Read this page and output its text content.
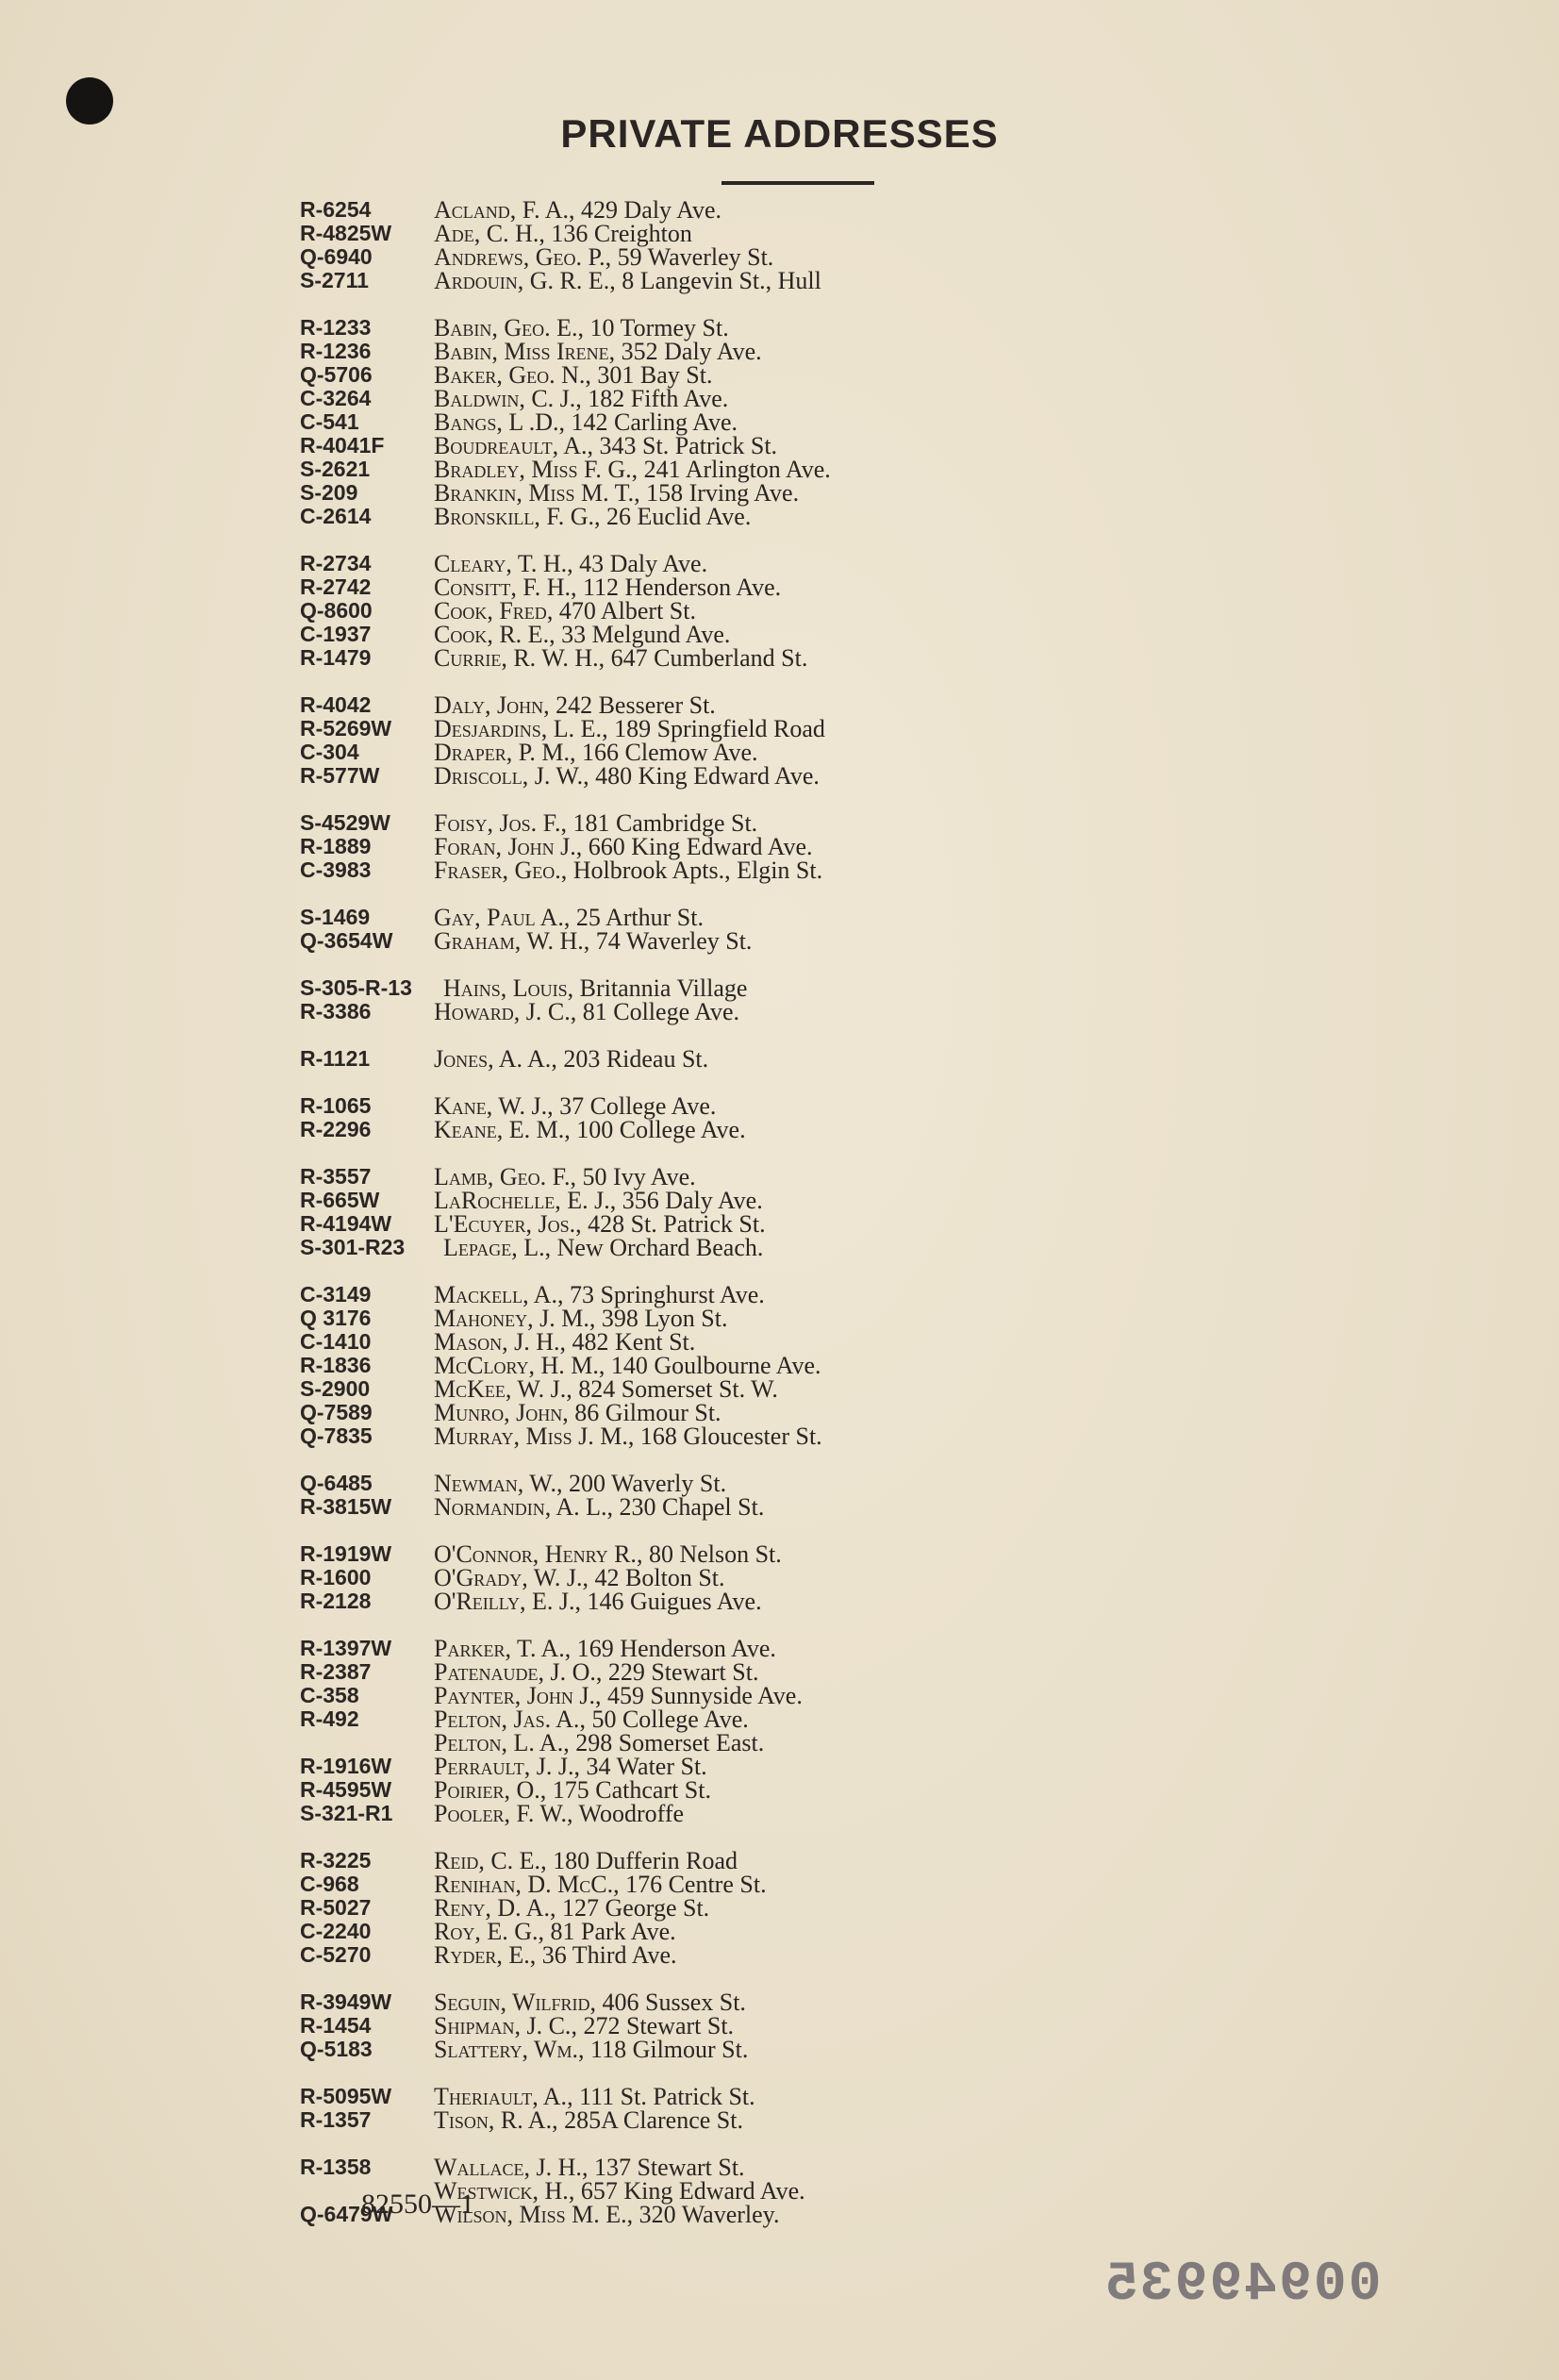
PRIVATE ADDRESSES
R-6254	Acland, F. A., 429 Daly Ave.
R-4825W Ade, C. H., 136 Creighton
Q-6940	Andrews, Geo. P., 59 Waverley St.
S-2711	Ardouin, G. R. E., 8 Langevin St., Hull
R-1233	Babin, Geo. E., 10 Tormey St.
R-1236	Babin, Miss Irene, 352 Daly Ave.
Q-5706	Baker, Geo. N., 301 Bay St.
C-3264	Baldwin, C. J., 182 Fifth Ave.
C-541	Bangs, L .D., 142 Carling Ave.
R-4041F Boudreault, A., 343 St. Patrick St.
S-2621	Bradley, Miss F. G., 241 Arlington Ave.
S-209	Brankin, Miss M. T., 158 Irving Ave.
C-2614	Bronskill, F. G., 26 Euclid Ave.
R-2734	Cleary, T. H., 43 Daly Ave.
R-2742	Consitt, F. H., 112 Henderson Ave.
Q-8600	Cook, Fred, 470 Albert St.
C-1937	Cook, R. E., 33 Melgund Ave.
R-1479	Currie, R. W. H., 647 Cumberland St.
R-4042	Daly, John, 242 Besserer St.
R-5269W Desjardins, L. E., 189 Springfield Road
C-304	Draper, P. M., 166 Clemow Ave.
R-577W Driscoll, J. W., 480 King Edward Ave.
S-4529W Foisy, Jos. F., 181 Cambridge St.
R-1889	Foran, John J., 660 King Edward Ave.
C-3983	Fraser, Geo., Holbrook Apts., Elgin St.
S-1469	Gay, Paul A., 25 Arthur St.
Q-3654W Graham, W. H., 74 Waverley St.
S-305-R-13 Hains, Louis, Britannia Village
R-3386	Howard, J. C., 81 College Ave.
R-1121	Jones, A. A., 203 Rideau St.
R-1065	Kane, W. J., 37 College Ave.
R-2296	Keane, E. M., 100 College Ave.
R-3557	Lamb, Geo. F., 50 Ivy Ave.
R-665W LaRochelle, E. J., 356 Daly Ave.
R-4194W L'Ecuyer, Jos., 428 St. Patrick St.
S-301-R23 Lepage, L., New Orchard Beach.
C-3149	Mackell, A., 73 Springhurst Ave.
Q 3176	Mahoney, J. M., 398 Lyon St.
C-1410	Mason, J. H., 482 Kent St.
R-1836	McClory, H. M., 140 Goulbourne Ave.
S-2900	McKee, W. J., 824 Somerset St. W.
Q-7589	Munro, John, 86 Gilmour St.
Q-7835	Murray, Miss J. M., 168 Gloucester St.
Q-6485	Newman, W., 200 Waverly St.
R-3815W Normandin, A. L., 230 Chapel St.
R-1919W O'Connor, Henry R., 80 Nelson St.
R-1600	O'Grady, W. J., 42 Bolton St.
R-2128	O'Reilly, E. J., 146 Guigues Ave.
R-1397W Parker, T. A., 169 Henderson Ave.
R-2387	Patenaude, J. O., 229 Stewart St.
C-358	Paynter, John J., 459 Sunnyside Ave.
R-492	Pelton, Jas. A., 50 College Ave.
Pelton, L. A., 298 Somerset East.
R-1916W Perrault, J. J., 34 Water St.
R-4595W Poirier, O., 175 Cathcart St.
S-321-R1 Pooler, F. W., Woodroffe
R-3225	Reid, C. E., 180 Dufferin Road
C-968	Renihan, D. McC., 176 Centre St.
R-5027	Reny, D. A., 127 George St.
C-2240	Roy, E. G., 81 Park Ave.
C-5270	Ryder, E., 36 Third Ave.
R-3949W Seguin, Wilfrid, 406 Sussex St.
R-1454	Shipman, J. C., 272 Stewart St.
Q-5183	Slattery, Wm., 118 Gilmour St.
R-5095W Theriault, A., 111 St. Patrick St.
R-1357	Tison, R. A., 285A Clarence St.
R-1358	Wallace, J. H., 137 Stewart St.
Westwick, H., 657 King Edward Ave.
Q-6479W Wilson, Miss M. E., 320 Waverley.
82550—1
00949935
